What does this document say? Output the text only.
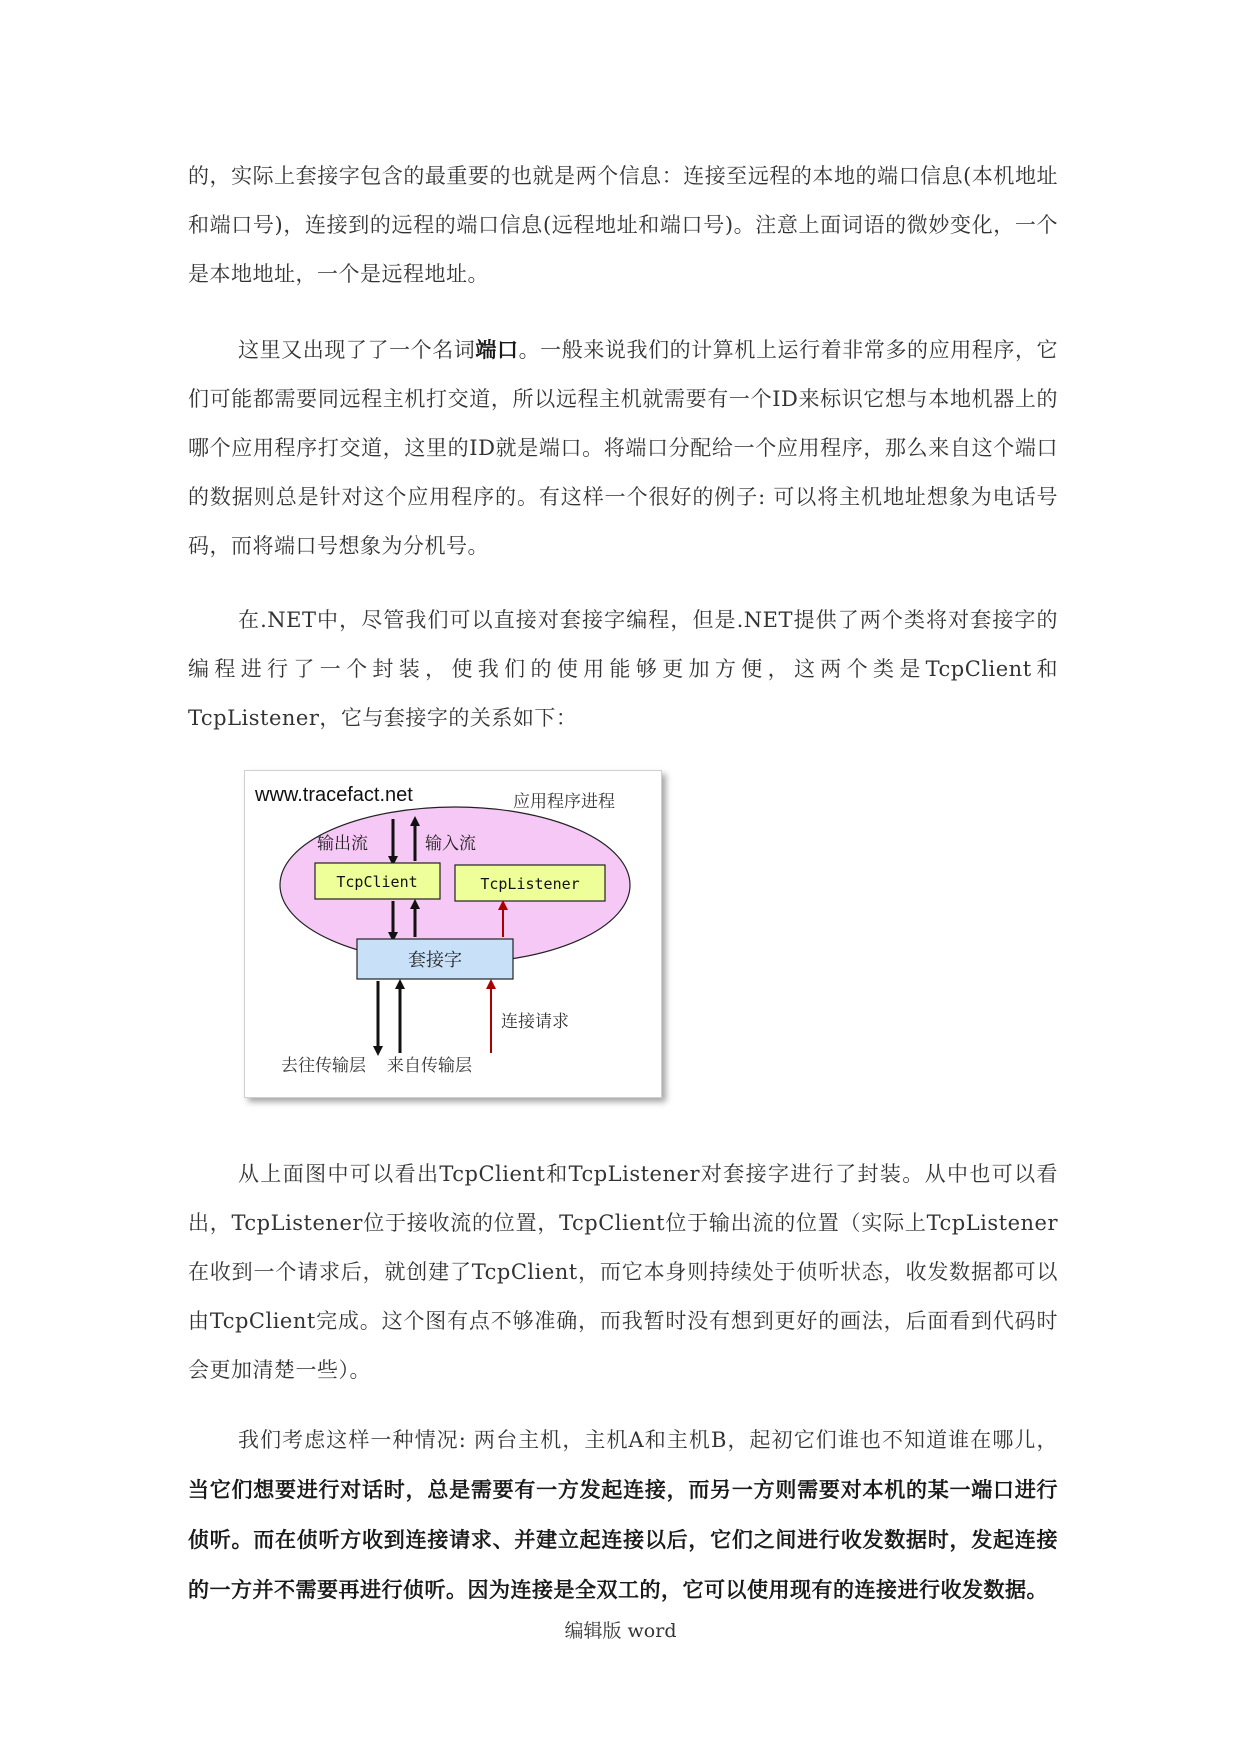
的，实际上套接字包含的最重要的也就是两个信息：连接至远程的本地的端口信息(本机地址和端口号)，连接到的远程的端口信息(远程地址和端口号)。注意上面词语的微妙变化，一个是本地地址，一个是远程地址。

这里又出现了了一个名词端口。一般来说我们的计算机上运行着非常多的应用程序，它们可能都需要同远程主机打交道，所以远程主机就需要有一个ID来标识它想与本地机器上的哪个应用程序打交道，这里的ID就是端口。将端口分配给一个应用程序，那么来自这个端口的数据则总是针对这个应用程序的。有这样一个很好的例子: 可以将主机地址想象为电话号码，而将端口号想象为分机号。

在.NET中，尽管我们可以直接对套接字编程，但是.NET提供了两个类将对套接字的编程进行了一个封装，使我们的使用能够更加方便，这两个类是TcpClient和TcpListener，它与套接字的关系如下：

www.tracefact.net	应用程序进程
输出流	输入流
TcpClient	TcpListener
套接字
连接请求
去往传输层 来自传输层

从上面图中可以看出TcpClient和TcpListener对套接字进行了封装。从中也可以看出，TcpListener位于接收流的位置，TcpClient位于输出流的位置（实际上TcpListener在收到一个请求后，就创建了TcpClient，而它本身则持续处于侦听状态，收发数据都可以由TcpClient完成。这个图有点不够准确，而我暂时没有想到更好的画法，后面看到代码时会更加清楚一些）。

我们考虑这样一种情况: 两台主机，主机A和主机B，起初它们谁也不知道谁在哪儿，当它们想要进行对话时，总是需要有一方发起连接，而另一方则需要对本机的某一端口进行侦听。而在侦听方收到连接请求、并建立起连接以后，它们之间进行收发数据时，发起连接的一方并不需要再进行侦听。因为连接是全双工的，它可以使用现有的连接进行收发数据。

编辑版 word
